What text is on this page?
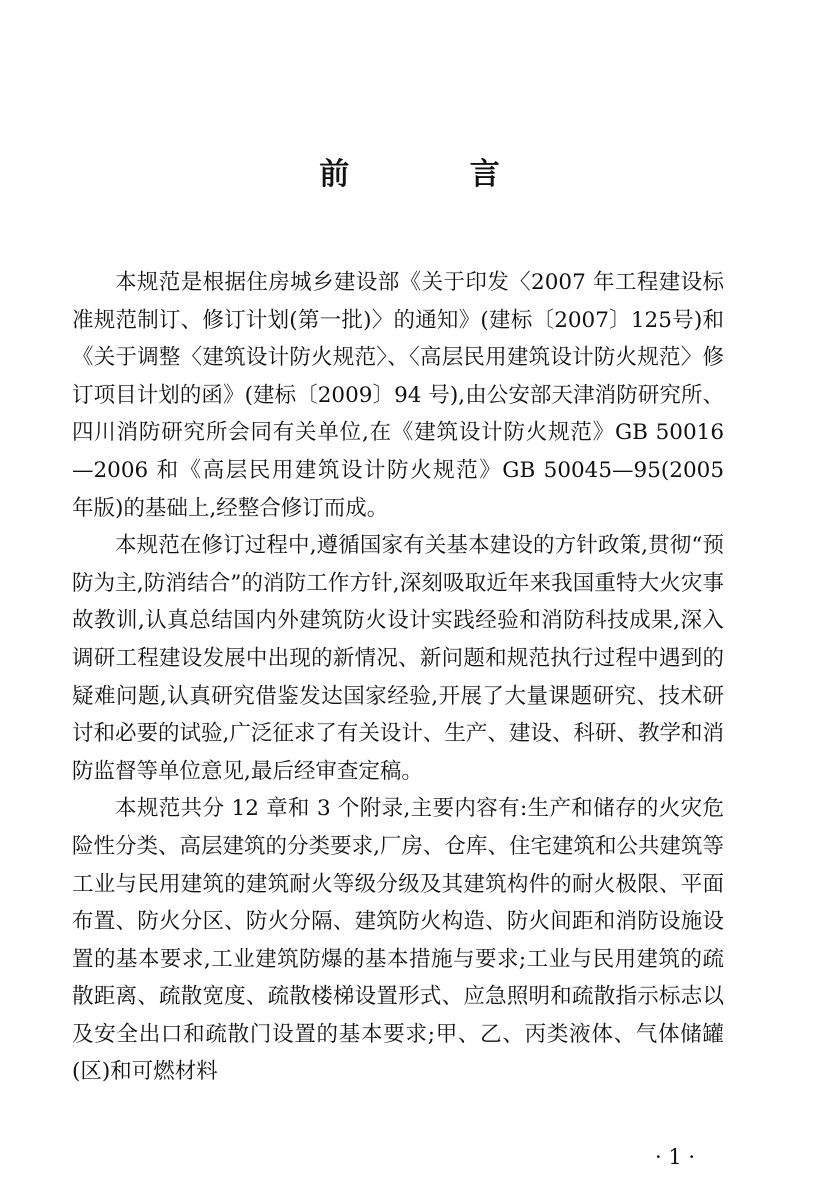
前 言

本规范是根据住房城乡建设部《关于印发〈2007 年工程建设标准规范制订、修订计划(第一批)〉的通知》(建标〔2007〕125号)和《关于调整〈建筑设计防火规范〉、〈高层民用建筑设计防火规范〉修订项目计划的函》(建标〔2009〕94 号),由公安部天津消防研究所、四川消防研究所会同有关单位,在《建筑设计防火规范》GB 50016—2006 和《高层民用建筑设计防火规范》GB 50045—95(2005 年版)的基础上,经整合修订而成。

本规范在修订过程中,遵循国家有关基本建设的方针政策,贯彻“预防为主,防消结合”的消防工作方针,深刻吸取近年来我国重特大火灾事故教训,认真总结国内外建筑防火设计实践经验和消防科技成果,深入调研工程建设发展中出现的新情况、新问题和规范执行过程中遇到的疑难问题,认真研究借鉴发达国家经验,开展了大量课题研究、技术研讨和必要的试验,广泛征求了有关设计、生产、建设、科研、教学和消防监督等单位意见,最后经审查定稿。

本规范共分 12 章和 3 个附录,主要内容有:生产和储存的火灾危险性分类、高层建筑的分类要求,厂房、仓库、住宅建筑和公共建筑等工业与民用建筑的建筑耐火等级分级及其建筑构件的耐火极限、平面布置、防火分区、防火分隔、建筑防火构造、防火间距和消防设施设置的基本要求,工业建筑防爆的基本措施与要求;工业与民用建筑的疏散距离、疏散宽度、疏散楼梯设置形式、应急照明和疏散指示标志以及安全出口和疏散门设置的基本要求;甲、乙、丙类液体、气体储罐(区)和可燃材料

· 1 ·
